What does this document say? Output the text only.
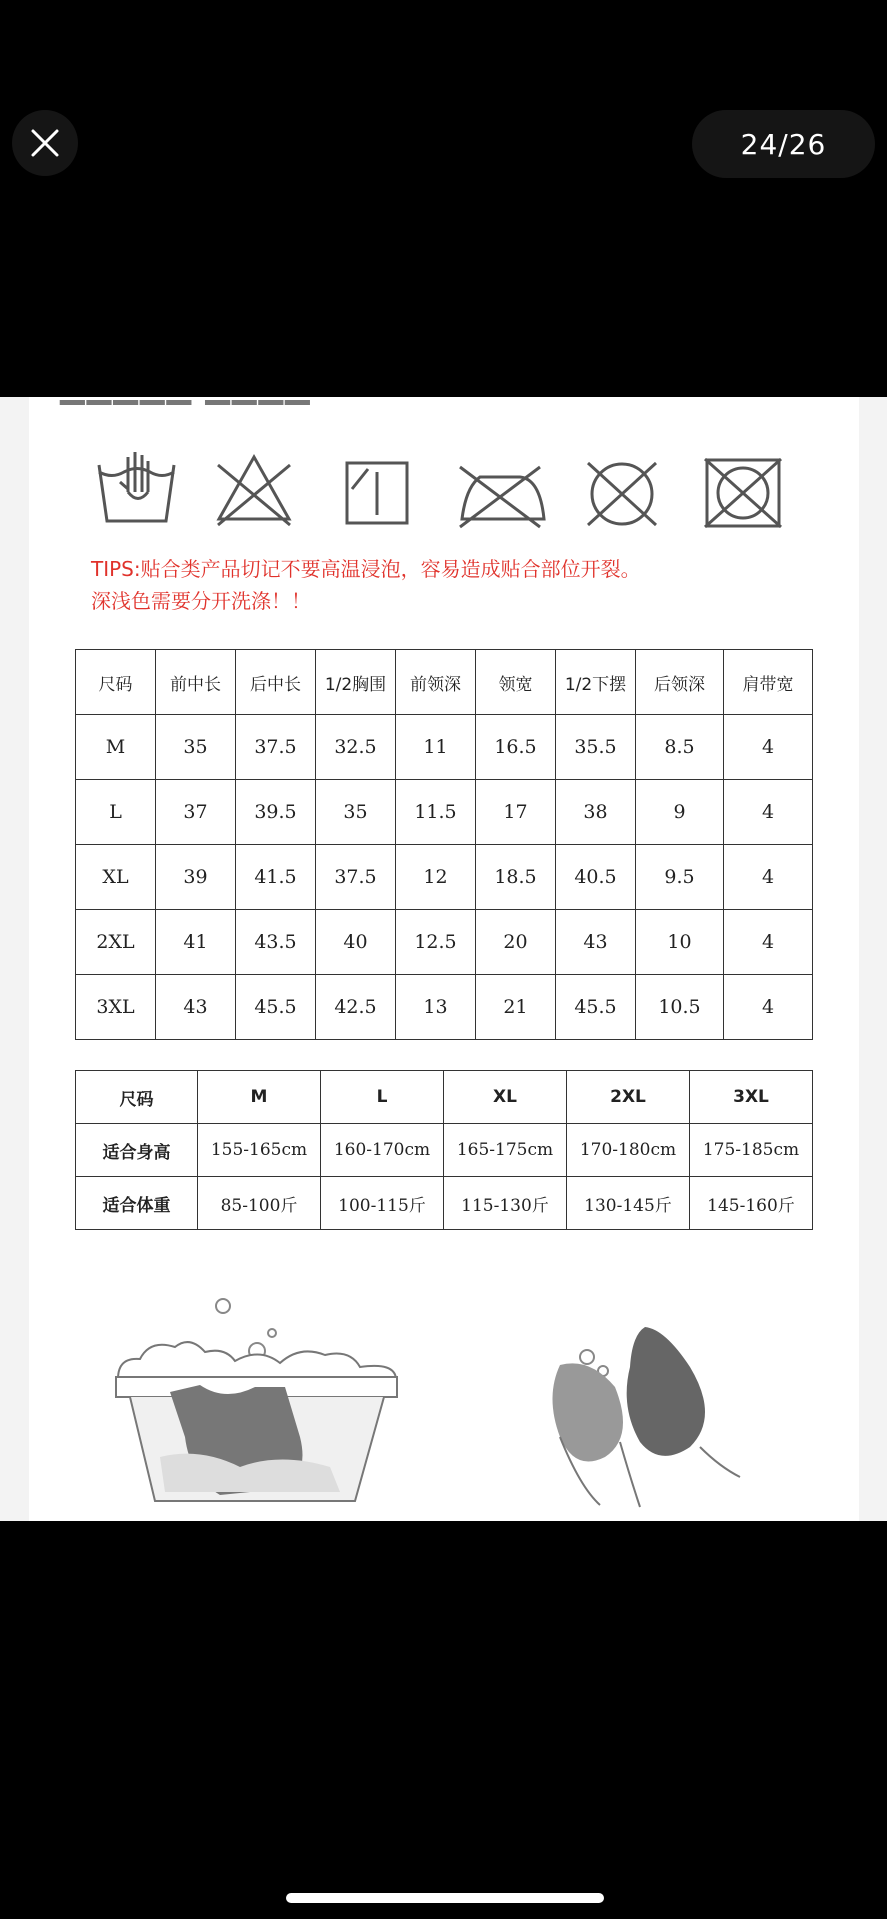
24/26
▁▁▁▁▁ ▁▁▁▁
TIPS:贴合类产品切记不要高温浸泡，容易造成贴合部位开裂。
深浅色需要分开洗涤！！
尺码	前中长	后中长	1/2胸围	前领深	领宽	1/2下摆	后领深	肩带宽
M	35	37.5	32.5	11	16.5	35.5	8.5	4
L	37	39.5	35	11.5	17	38	9	4
XL	39	41.5	37.5	12	18.5	40.5	9.5	4
2XL	41	43.5	40	12.5	20	43	10	4
3XL	43	45.5	42.5	13	21	45.5	10.5	4
尺码	M	L	XL	2XL	3XL
适合身高	155-165cm	160-170cm	165-175cm	170-180cm	175-185cm
适合体重	85-100斤	100-115斤	115-130斤	130-145斤	145-160斤
